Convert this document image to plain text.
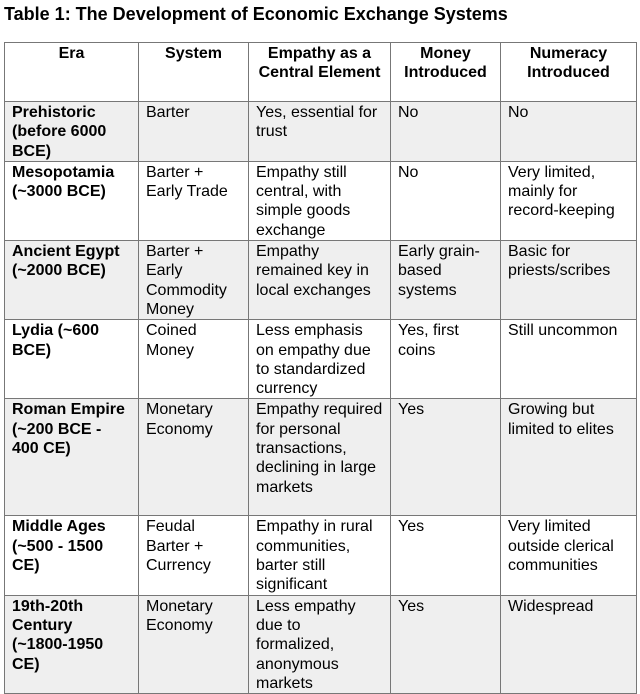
Table 1: The Development of Economic Exchange Systems
Era	System	Empathy as a Central Element	Money Introduced	Numeracy Introduced
Prehistoric (before 6000 BCE)	Barter	Yes, essential for trust	No	No
Mesopotamia (~3000 BCE)	Barter + Early Trade	Empathy still central, with simple goods exchange	No	Very limited, mainly for record-keeping
Ancient Egypt (~2000 BCE)	Barter + Early Commodity Money	Empathy remained key in local exchanges	Early grain-based systems	Basic for priests/scribes
Lydia (~600 BCE)	Coined Money	Less emphasis on empathy due to standardized currency	Yes, first coins	Still uncommon
Roman Empire (~200 BCE - 400 CE)	Monetary Economy	Empathy required for personal transactions, declining in large markets	Yes	Growing but limited to elites
Middle Ages (~500 - 1500 CE)	Feudal Barter + Currency	Empathy in rural communities, barter still significant	Yes	Very limited outside clerical communities
19th-20th Century (~1800-1950 CE)	Monetary Economy	Less empathy due to formalized, anonymous markets	Yes	Widespread
